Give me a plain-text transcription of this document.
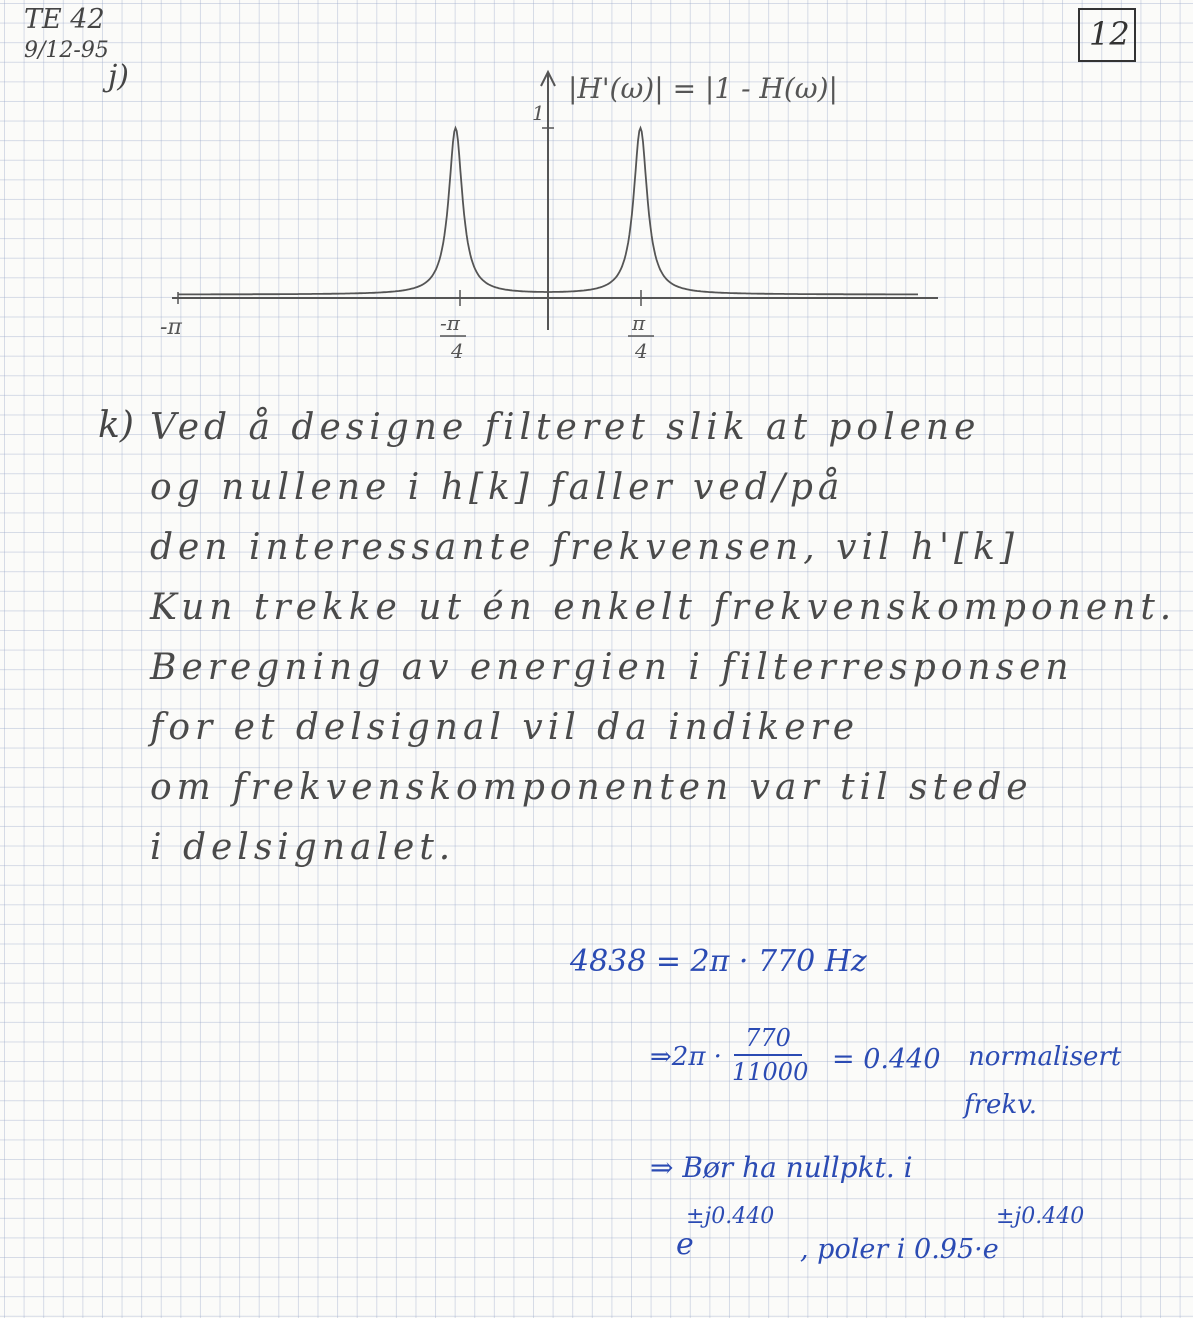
TE 42
9/12-95
j)
12
1
|H'(ω)| = |1 - H(ω)|
-π	-π
4
π
4
k) Ved å designe filteret slik at polene
og nullene i h[k] faller ved/på
den interessante frekvensen, vil h'[k]
Kun trekke ut én enkelt frekvenskomponent.
Beregning av energien i filterresponsen
for et delsignal vil da indikere
om frekvenskomponenten var til stede
i delsignalet.
4838 = 2π · 770 Hz
⇒2π ·
770
11000 = 0.440 normalisert
frekv.
⇒ Bør ha nullpkt. i
±j0.440
e	, poler i 0.95·e
±j0.440
